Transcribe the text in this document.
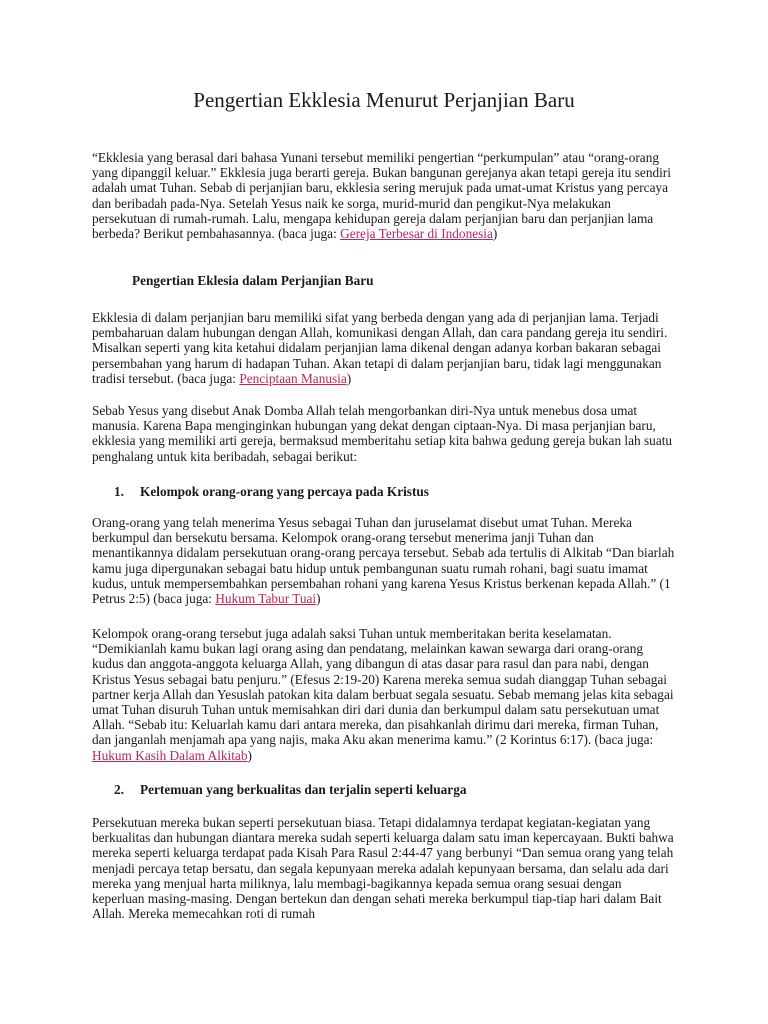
Pengertian Ekklesia Menurut Perjanjian Baru

“Ekklesia yang berasal dari bahasa Yunani tersebut memiliki pengertian “perkumpulan” atau “orang-orang yang dipanggil keluar.” Ekklesia juga berarti gereja. Bukan bangunan gerejanya akan tetapi gereja itu sendiri adalah umat Tuhan. Sebab di perjanjian baru, ekklesia sering merujuk pada umat-umat Kristus yang percaya dan beribadah pada-Nya. Setelah Yesus naik ke sorga, murid-murid dan pengikut-Nya melakukan persekutuan di rumah-rumah. Lalu, mengapa kehidupan gereja dalam perjanjian baru dan perjanjian lama berbeda? Berikut pembahasannya. (baca juga: Gereja Terbesar di Indonesia)

Pengertian Eklesia dalam Perjanjian Baru

Ekklesia di dalam perjanjian baru memiliki sifat yang berbeda dengan yang ada di perjanjian lama. Terjadi pembaharuan dalam hubungan dengan Allah, komunikasi dengan Allah, dan cara pandang gereja itu sendiri. Misalkan seperti yang kita ketahui didalam perjanjian lama dikenal dengan adanya korban bakaran sebagai persembahan yang harum di hadapan Tuhan. Akan tetapi di dalam perjanjian baru, tidak lagi menggunakan tradisi tersebut. (baca juga: Penciptaan Manusia)

Sebab Yesus yang disebut Anak Domba Allah telah mengorbankan diri-Nya untuk menebus dosa umat manusia. Karena Bapa menginginkan hubungan yang dekat dengan ciptaan-Nya. Di masa perjanjian baru, ekklesia yang memiliki arti gereja, bermaksud memberitahu setiap kita bahwa gedung gereja bukan lah suatu penghalang untuk kita beribadah, sebagai berikut:

1. Kelompok orang-orang yang percaya pada Kristus

Orang-orang yang telah menerima Yesus sebagai Tuhan dan juruselamat disebut umat Tuhan. Mereka berkumpul dan bersekutu bersama. Kelompok orang-orang tersebut menerima janji Tuhan dan menantikannya didalam persekutuan orang-orang percaya tersebut. Sebab ada tertulis di Alkitab “Dan biarlah kamu juga dipergunakan sebagai batu hidup untuk pembangunan suatu rumah rohani, bagi suatu imamat kudus, untuk mempersembahkan persembahan rohani yang karena Yesus Kristus berkenan kepada Allah.” (1 Petrus 2:5) (baca juga: Hukum Tabur Tuai)

Kelompok orang-orang tersebut juga adalah saksi Tuhan untuk memberitakan berita keselamatan. “Demikianlah kamu bukan lagi orang asing dan pendatang, melainkan kawan sewarga dari orang-orang kudus dan anggota-anggota keluarga Allah, yang dibangun di atas dasar para rasul dan para nabi, dengan Kristus Yesus sebagai batu penjuru.” (Efesus 2:19-20) Karena mereka semua sudah dianggap Tuhan sebagai partner kerja Allah dan Yesuslah patokan kita dalam berbuat segala sesuatu. Sebab memang jelas kita sebagai umat Tuhan disuruh Tuhan untuk memisahkan diri dari dunia dan berkumpul dalam satu persekutuan umat Allah. “Sebab itu: Keluarlah kamu dari antara mereka, dan pisahkanlah dirimu dari mereka, firman Tuhan, dan janganlah menjamah apa yang najis, maka Aku akan menerima kamu.” (2 Korintus 6:17). (baca juga: Hukum Kasih Dalam Alkitab)

2. Pertemuan yang berkualitas dan terjalin seperti keluarga

Persekutuan mereka bukan seperti persekutuan biasa. Tetapi didalamnya terdapat kegiatan-kegiatan yang berkualitas dan hubungan diantara mereka sudah seperti keluarga dalam satu iman kepercayaan. Bukti bahwa mereka seperti keluarga terdapat pada Kisah Para Rasul 2:44-47 yang berbunyi “Dan semua orang yang telah menjadi percaya tetap bersatu, dan segala kepunyaan mereka adalah kepunyaan bersama, dan selalu ada dari mereka yang menjual harta miliknya, lalu membagi-bagikannya kepada semua orang sesuai dengan keperluan masing-masing. Dengan bertekun dan dengan sehati mereka berkumpul tiap-tiap hari dalam Bait Allah. Mereka memecahkan roti di rumah
